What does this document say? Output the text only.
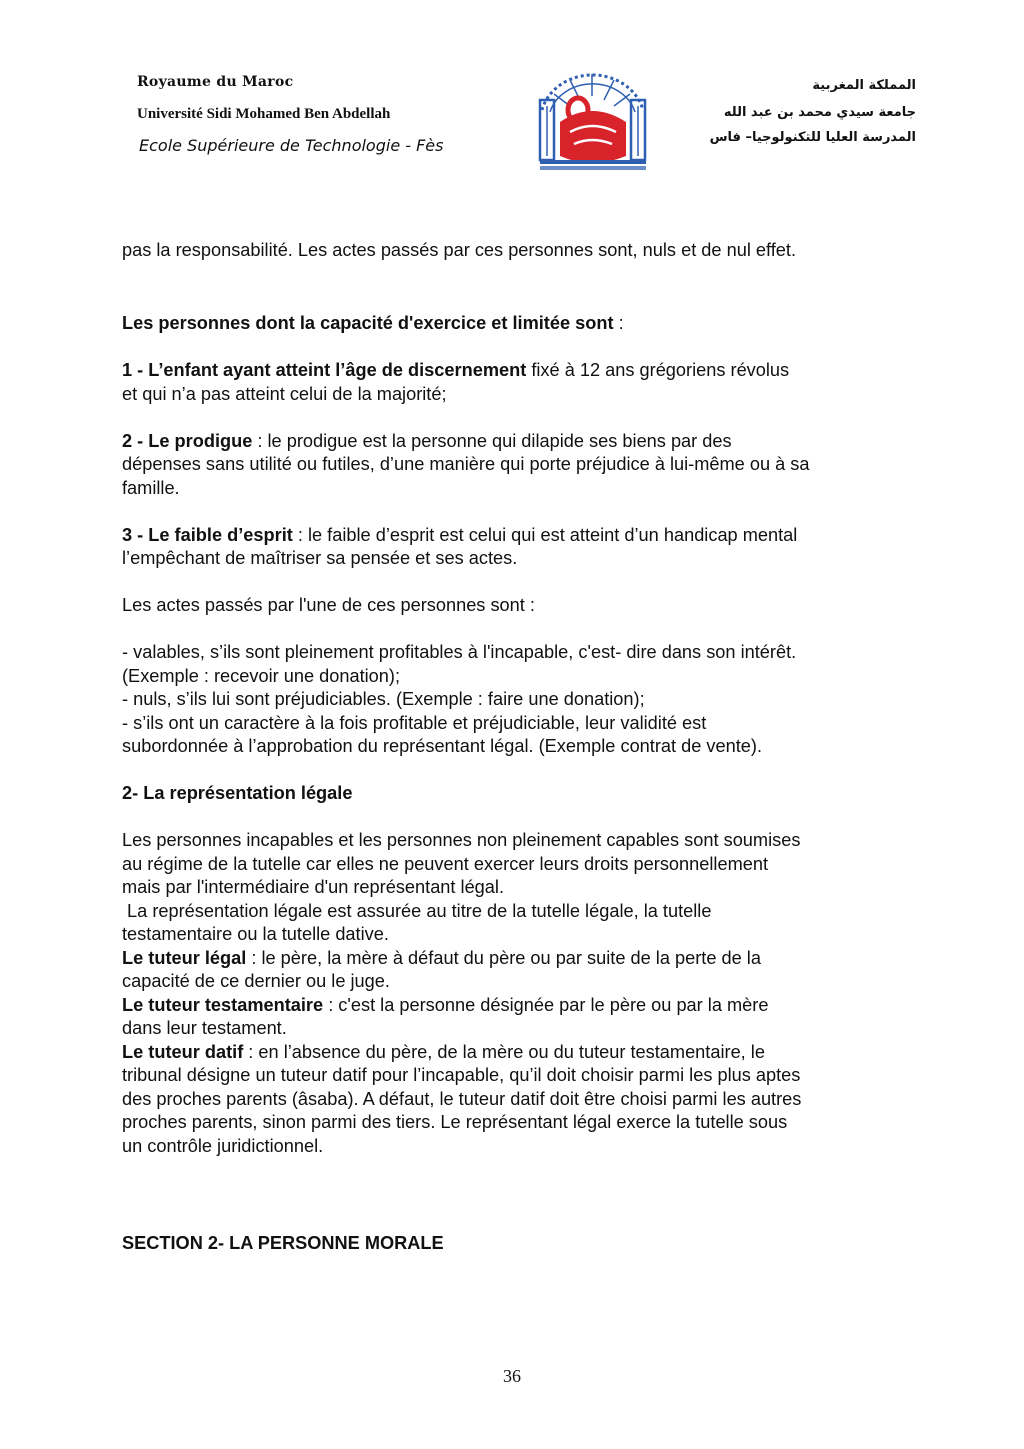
Royaume du Maroc
Université Sidi Mohamed Ben Abdellah
Ecole Supérieure de Technologie - Fès
المملكة المغربية
جامعة سيدي محمد بن عبد الله
المدرسة العليا للتكنولوجيا– فاس
pas la responsabilité. Les actes passés par ces personnes sont, nuls et de nul effet.
Les personnes dont la capacité d'exercice et limitée sont :
1 - L’enfant ayant atteint l’âge de discernement fixé à 12 ans grégoriens révolus
et qui n’a pas atteint celui de la majorité;
2 - Le prodigue : le prodigue est la personne qui dilapide ses biens par des
dépenses sans utilité ou futiles, d’une manière qui porte préjudice à lui-même ou à sa
famille.
3 - Le faible d’esprit : le faible d’esprit est celui qui est atteint d’un handicap mental
l’empêchant de maîtriser sa pensée et ses actes.
Les actes passés par l'une de ces personnes sont :
- valables, s’ils sont pleinement profitables à l'incapable, c'est- dire dans son intérêt.
(Exemple : recevoir une donation);
- nuls, s’ils lui sont préjudiciables. (Exemple : faire une donation);
- s’ils ont un caractère à la fois profitable et préjudiciable, leur validité est
subordonnée à l’approbation du représentant légal. (Exemple contrat de vente).
2- La représentation légale
Les personnes incapables et les personnes non pleinement capables sont soumises
au régime de la tutelle car elles ne peuvent exercer leurs droits personnellement
mais par l'intermédiaire d'un représentant légal.
La représentation légale est assurée au titre de la tutelle légale, la tutelle
testamentaire ou la tutelle dative.
Le tuteur légal : le père, la mère à défaut du père ou par suite de la perte de la
capacité de ce dernier ou le juge.
Le tuteur testamentaire : c'est la personne désignée par le père ou par la mère
dans leur testament.
Le tuteur datif : en l’absence du père, de la mère ou du tuteur testamentaire, le
tribunal désigne un tuteur datif pour l’incapable, qu’il doit choisir parmi les plus aptes
des proches parents (âsaba). A défaut, le tuteur datif doit être choisi parmi les autres
proches parents, sinon parmi des tiers. Le représentant légal exerce la tutelle sous
un contrôle juridictionnel.
SECTION 2- LA PERSONNE MORALE
36
